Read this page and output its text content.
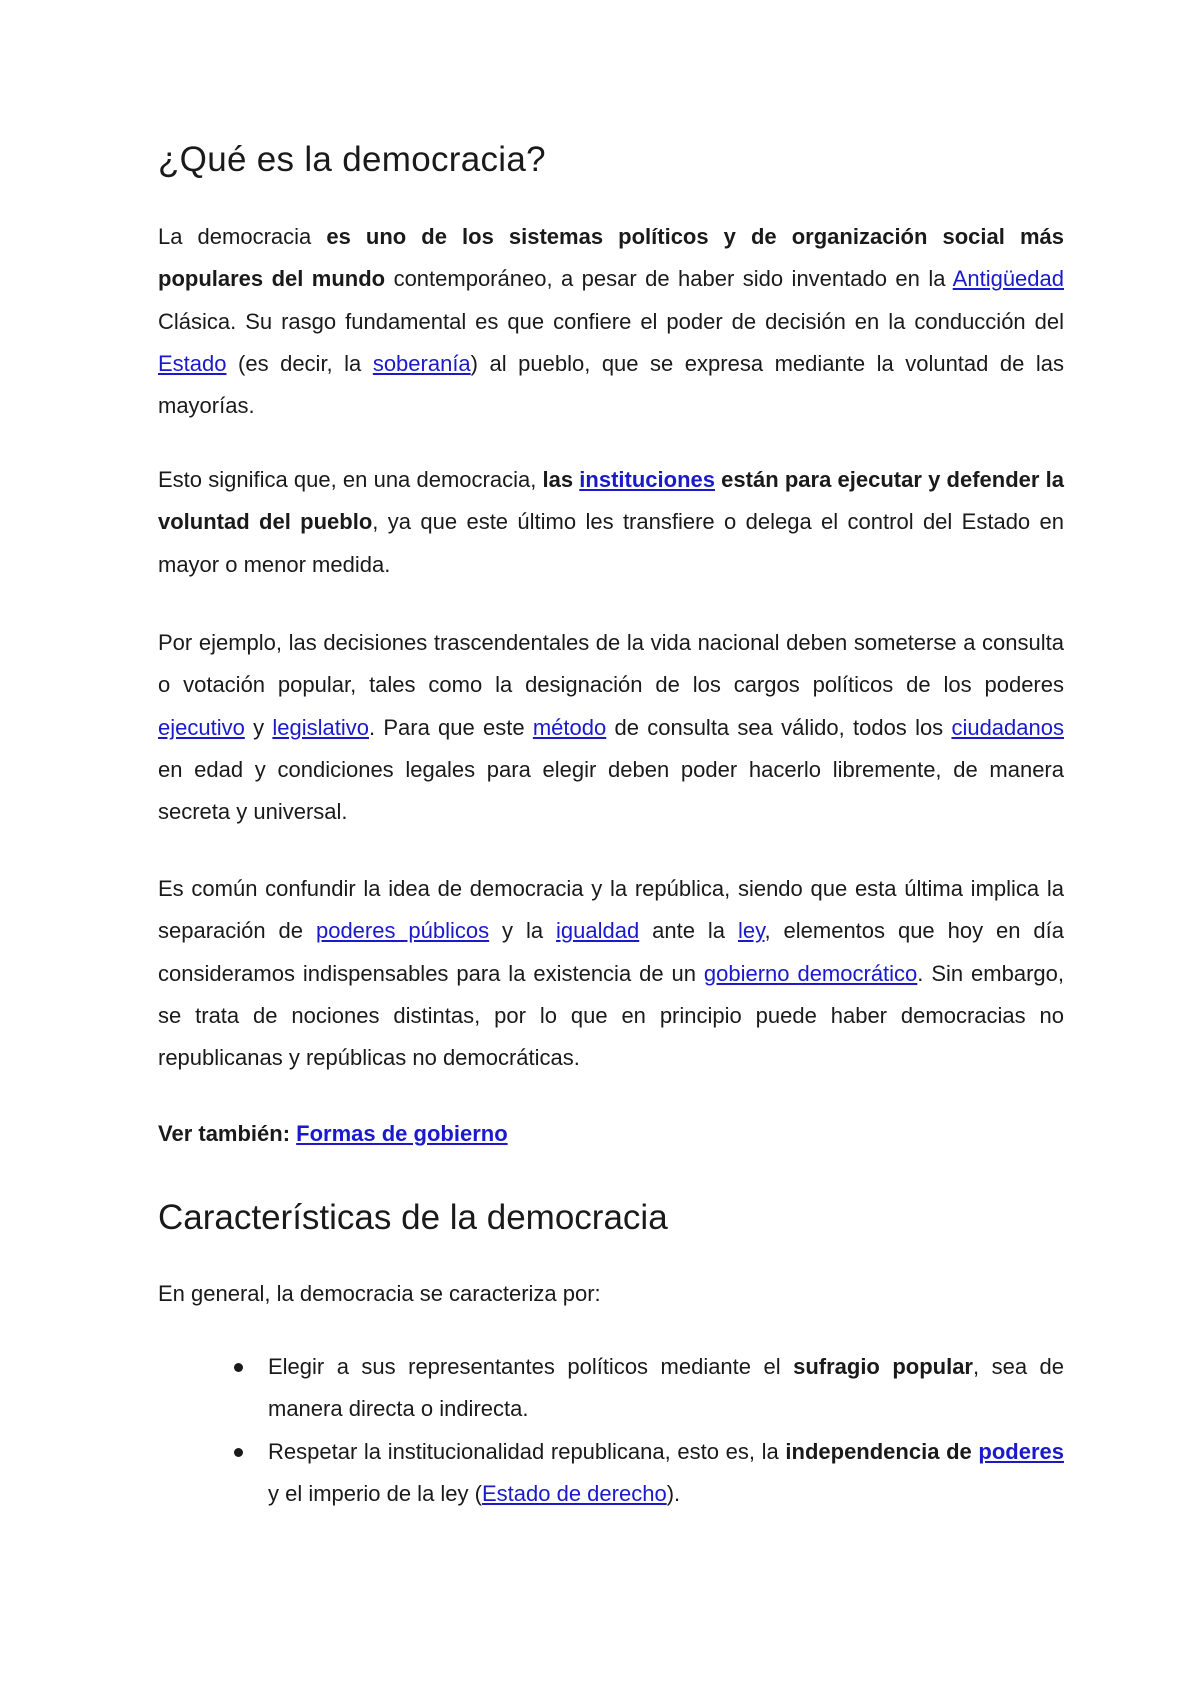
¿Qué es la democracia?

La democracia es uno de los sistemas políticos y de organización social más populares del mundo contemporáneo, a pesar de haber sido inventado en la Antigüedad Clásica. Su rasgo fundamental es que confiere el poder de decisión en la conducción del Estado (es decir, la soberanía) al pueblo, que se expresa mediante la voluntad de las mayorías.

Esto significa que, en una democracia, las instituciones están para ejecutar y defender la voluntad del pueblo, ya que este último les transfiere o delega el control del Estado en mayor o menor medida.

Por ejemplo, las decisiones trascendentales de la vida nacional deben someterse a consulta o votación popular, tales como la designación de los cargos políticos de los poderes ejecutivo y legislativo. Para que este método de consulta sea válido, todos los ciudadanos en edad y condiciones legales para elegir deben poder hacerlo libremente, de manera secreta y universal.

Es común confundir la idea de democracia y la república, siendo que esta última implica la separación de poderes públicos y la igualdad ante la ley, elementos que hoy en día consideramos indispensables para la existencia de un gobierno democrático. Sin embargo, se trata de nociones distintas, por lo que en principio puede haber democracias no republicanas y repúblicas no democráticas.

Ver también: Formas de gobierno
Características de la democracia

En general, la democracia se caracteriza por:

Elegir a sus representantes políticos mediante el sufragio popular, sea de manera directa o indirecta.
Respetar la institucionalidad republicana, esto es, la independencia de poderes y el imperio de la ley (Estado de derecho).
